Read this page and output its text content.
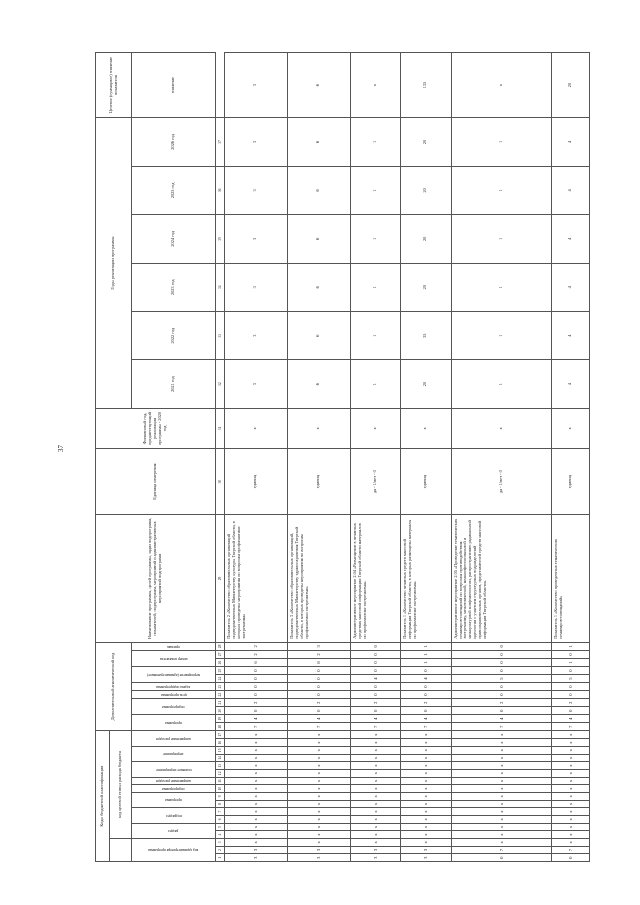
37
Коды бюджетной классификации																	Дополнительный аналитический код											Наименование программы, целей программы, задач подпрограмм, показателей, подпрограмм, мероприятий и административных мероприятий подпрограмм	Единица измерения	Финансовый год, предшествующий реализации программы - 2020 год	Годы реализации программы						Целевое (суммарное) значение показателя
			код целевой статьи расхода бюджета																																		

код администратора программы			раздел		подраздел		программа		подпрограмма	направление расходов	основное мероприятие		мероприятие		направление расходов		программа		подпрограмма		цель программы	задача подпрограммы	мероприятие (административное)		номер показателя		признак				2021 год	2022 год	2023 год	2024 год	2025 год	2026 год	значение
1	2	3	4	5	6	7	8	9	10	11	12	13	14	15	16	17	18	19	20	21	22	23	24	25	26	27	28	29	30	31	32	33	34	35	36	37	
3	3	х	х	х	х	х	х	х	х	х	х	х	х	х	х	х	7	4	0	2	0	0	0	0	6	2	2	Показатель 2 «Количество образовательных организаций подведомственных Министерству культуры Тверской области, в которых проведены мероприятия по вопросам профилактики экстремизма»	единиц	х	3	3	3	3	3	3	3
3	3	х	х	х	х	х	х	х	х	х	х	х	х	х	х	х	7	4	0	2	0	0	0	0	8	2	3	Показатель 3 «Количество образовательных организаций, подведомственных Министерству здравоохранения Тверской области, в которых проведены мероприятия по вопросам профилактики экстремизма»	единиц	х	6	6	6	6	6	6	6
3	3	х	х	х	х	х	х	х	х	х	х	х	х	х	х	х	7	4	0	2	0	0	4	0	0	0	0	Административное мероприятие 2.04 «Размещение в печатных средствах массовой информации Тверской области материалов по профилактике экстремизма»	да - 1/нет - 0	х	1	1	1	1	1	1	х
3	3	х	х	х	х	х	х	х	х	х	х	х	х	х	х	х	7	4	0	2	0	0	4	0	1	1	1	Показатель 1 «Количество печатных средств массовой информации Тверской области, в которых размещены материалы по профилактике экстремизма»	единиц	х	20	35	20	20	20	20	135
0	7	х	х	х	х	х	х	х	х	х	х	х	х	х	х	х	7	4	0	2	0	0	5	0	0	0	0	Административное мероприятие 2.05 «Проведение тематических семинаров-совещаний по вопросам противодействия экстремизму, межэтнической, межконфессиональной и межкультурной конфликтологии, распространению радикальной идеологии с участием структурных подразделений правоохранительных органов, представителей средств массовой информации Тверской области»	да - 1/нет - 0	х	1	1	1	1	1	1	х
0	7	х	х	х	х	х	х	х	х	х	х	х	х	х	х	х	7	4	0	2	0	0	5	0	1	0	1	Показатель 1 «Количество проведенных тематических семинаров-совещаний»	единиц	х	4	4	4	4	4	4	20
